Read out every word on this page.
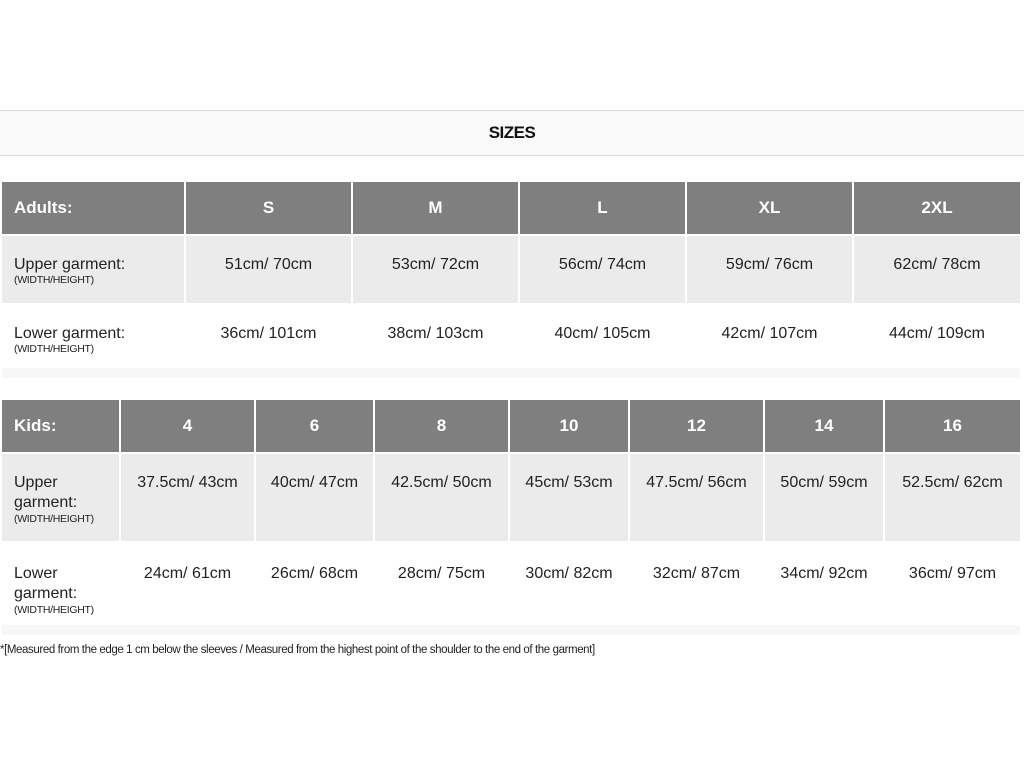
SIZES
Adults:	S	M	L	XL	2XL
Upper garment:
(WIDTH/HEIGHT)	51cm/ 70cm	53cm/ 72cm	56cm/ 74cm	59cm/ 76cm	62cm/ 78cm
Lower garment:
(WIDTH/HEIGHT)	36cm/ 101cm	38cm/ 103cm	40cm/ 105cm	42cm/ 107cm	44cm/ 109cm
Kids:	4	6	8	10	12	14	16
Upper garment:
(WIDTH/HEIGHT)	37.5cm/ 43cm	40cm/ 47cm	42.5cm/ 50cm	45cm/ 53cm	47.5cm/ 56cm	50cm/ 59cm	52.5cm/ 62cm
Lower garment:
(WIDTH/HEIGHT)	24cm/ 61cm	26cm/ 68cm	28cm/ 75cm	30cm/ 82cm	32cm/ 87cm	34cm/ 92cm	36cm/ 97cm
*[Measured from the edge 1 cm below the sleeves / Measured from the highest point of the shoulder to the end of the garment]
